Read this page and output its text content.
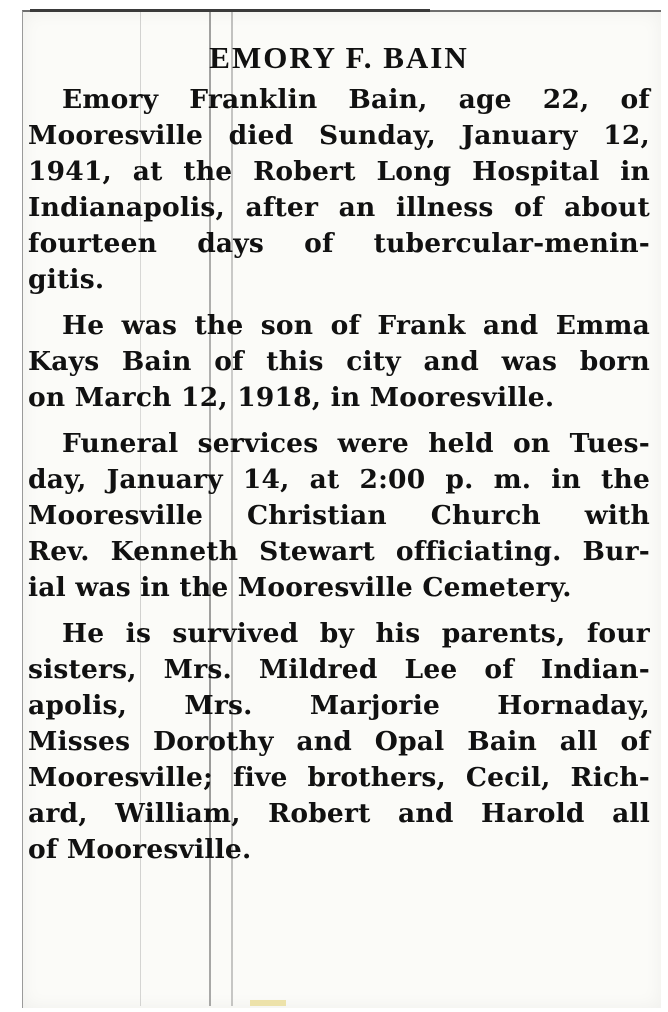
EMORY F. BAIN
Emory Franklin Bain, age 22, of
Mooresville died Sunday, January 12,
1941, at the Robert Long Hospital in
Indianapolis, after an illness of about
fourteen days of tubercular-menin-
gitis.
He was the son of Frank and Emma
Kays Bain of this city and was born
on March 12, 1918, in Mooresville.
Funeral services were held on Tues-
day, January 14, at 2:00 p. m. in the
Mooresville Christian Church with
Rev. Kenneth Stewart officiating. Bur-
ial was in the Mooresville Cemetery.
He is survived by his parents, four
sisters, Mrs. Mildred Lee of Indian-
apolis, Mrs. Marjorie Hornaday,
Misses Dorothy and Opal Bain all of
Mooresville; five brothers, Cecil, Rich-
ard, William, Robert and Harold all
of Mooresville.
